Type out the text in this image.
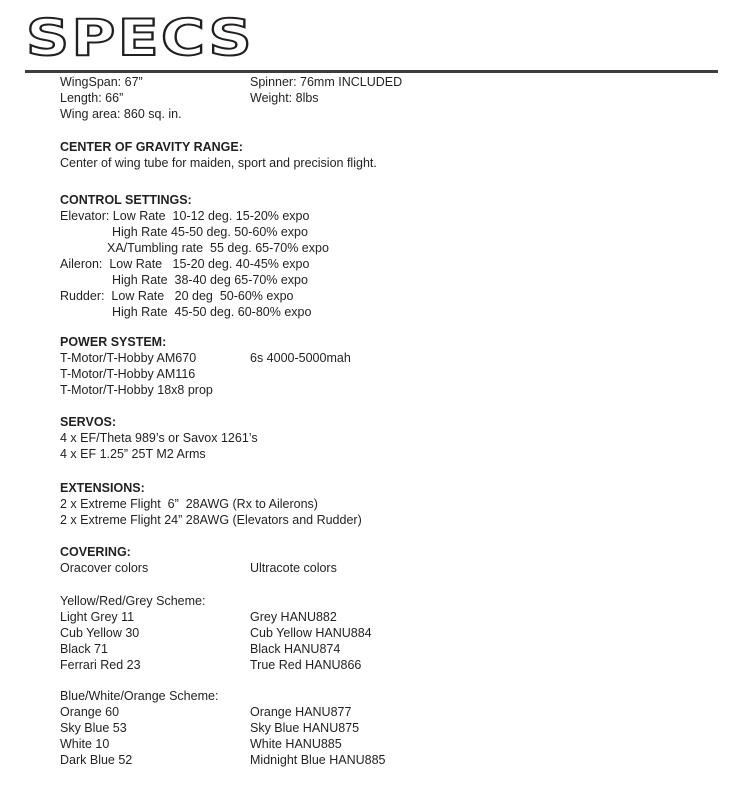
SPECS
WingSpan: 67”	Spinner: 76mm INCLUDED
Length: 66”	Weight: 8lbs
Wing area: 860 sq. in.
CENTER OF GRAVITY RANGE:
Center of wing tube for maiden, sport and precision flight.
CONTROL SETTINGS:
Elevator: Low Rate  10-12 deg. 15-20% expo
High Rate 45-50 deg. 50-60% expo
XA/Tumbling rate  55 deg. 65-70% expo
Aileron:  Low Rate   15-20 deg. 40-45% expo
High Rate  38-40 deg 65-70% expo
Rudder:  Low Rate   20 deg  50-60% expo
High Rate  45-50 deg. 60-80% expo
POWER SYSTEM:
T-Motor/T-Hobby AM670	6s 4000-5000mah
T-Motor/T-Hobby AM116
T-Motor/T-Hobby 18x8 prop
SERVOS:
4 x EF/Theta 989’s or Savox 1261’s
4 x EF 1.25” 25T M2 Arms
EXTENSIONS:
2 x Extreme Flight  6”  28AWG (Rx to Ailerons)
2 x Extreme Flight 24” 28AWG (Elevators and Rudder)
COVERING:
Oracover colors	Ultracote colors
Yellow/Red/Grey Scheme:
Light Grey 11	Grey HANU882
Cub Yellow 30	Cub Yellow HANU884
Black 71	Black HANU874
Ferrari Red 23	True Red HANU866
Blue/White/Orange Scheme:
Orange 60	Orange HANU877
Sky Blue 53	Sky Blue HANU875
White 10	White HANU885
Dark Blue 52	Midnight Blue HANU885
